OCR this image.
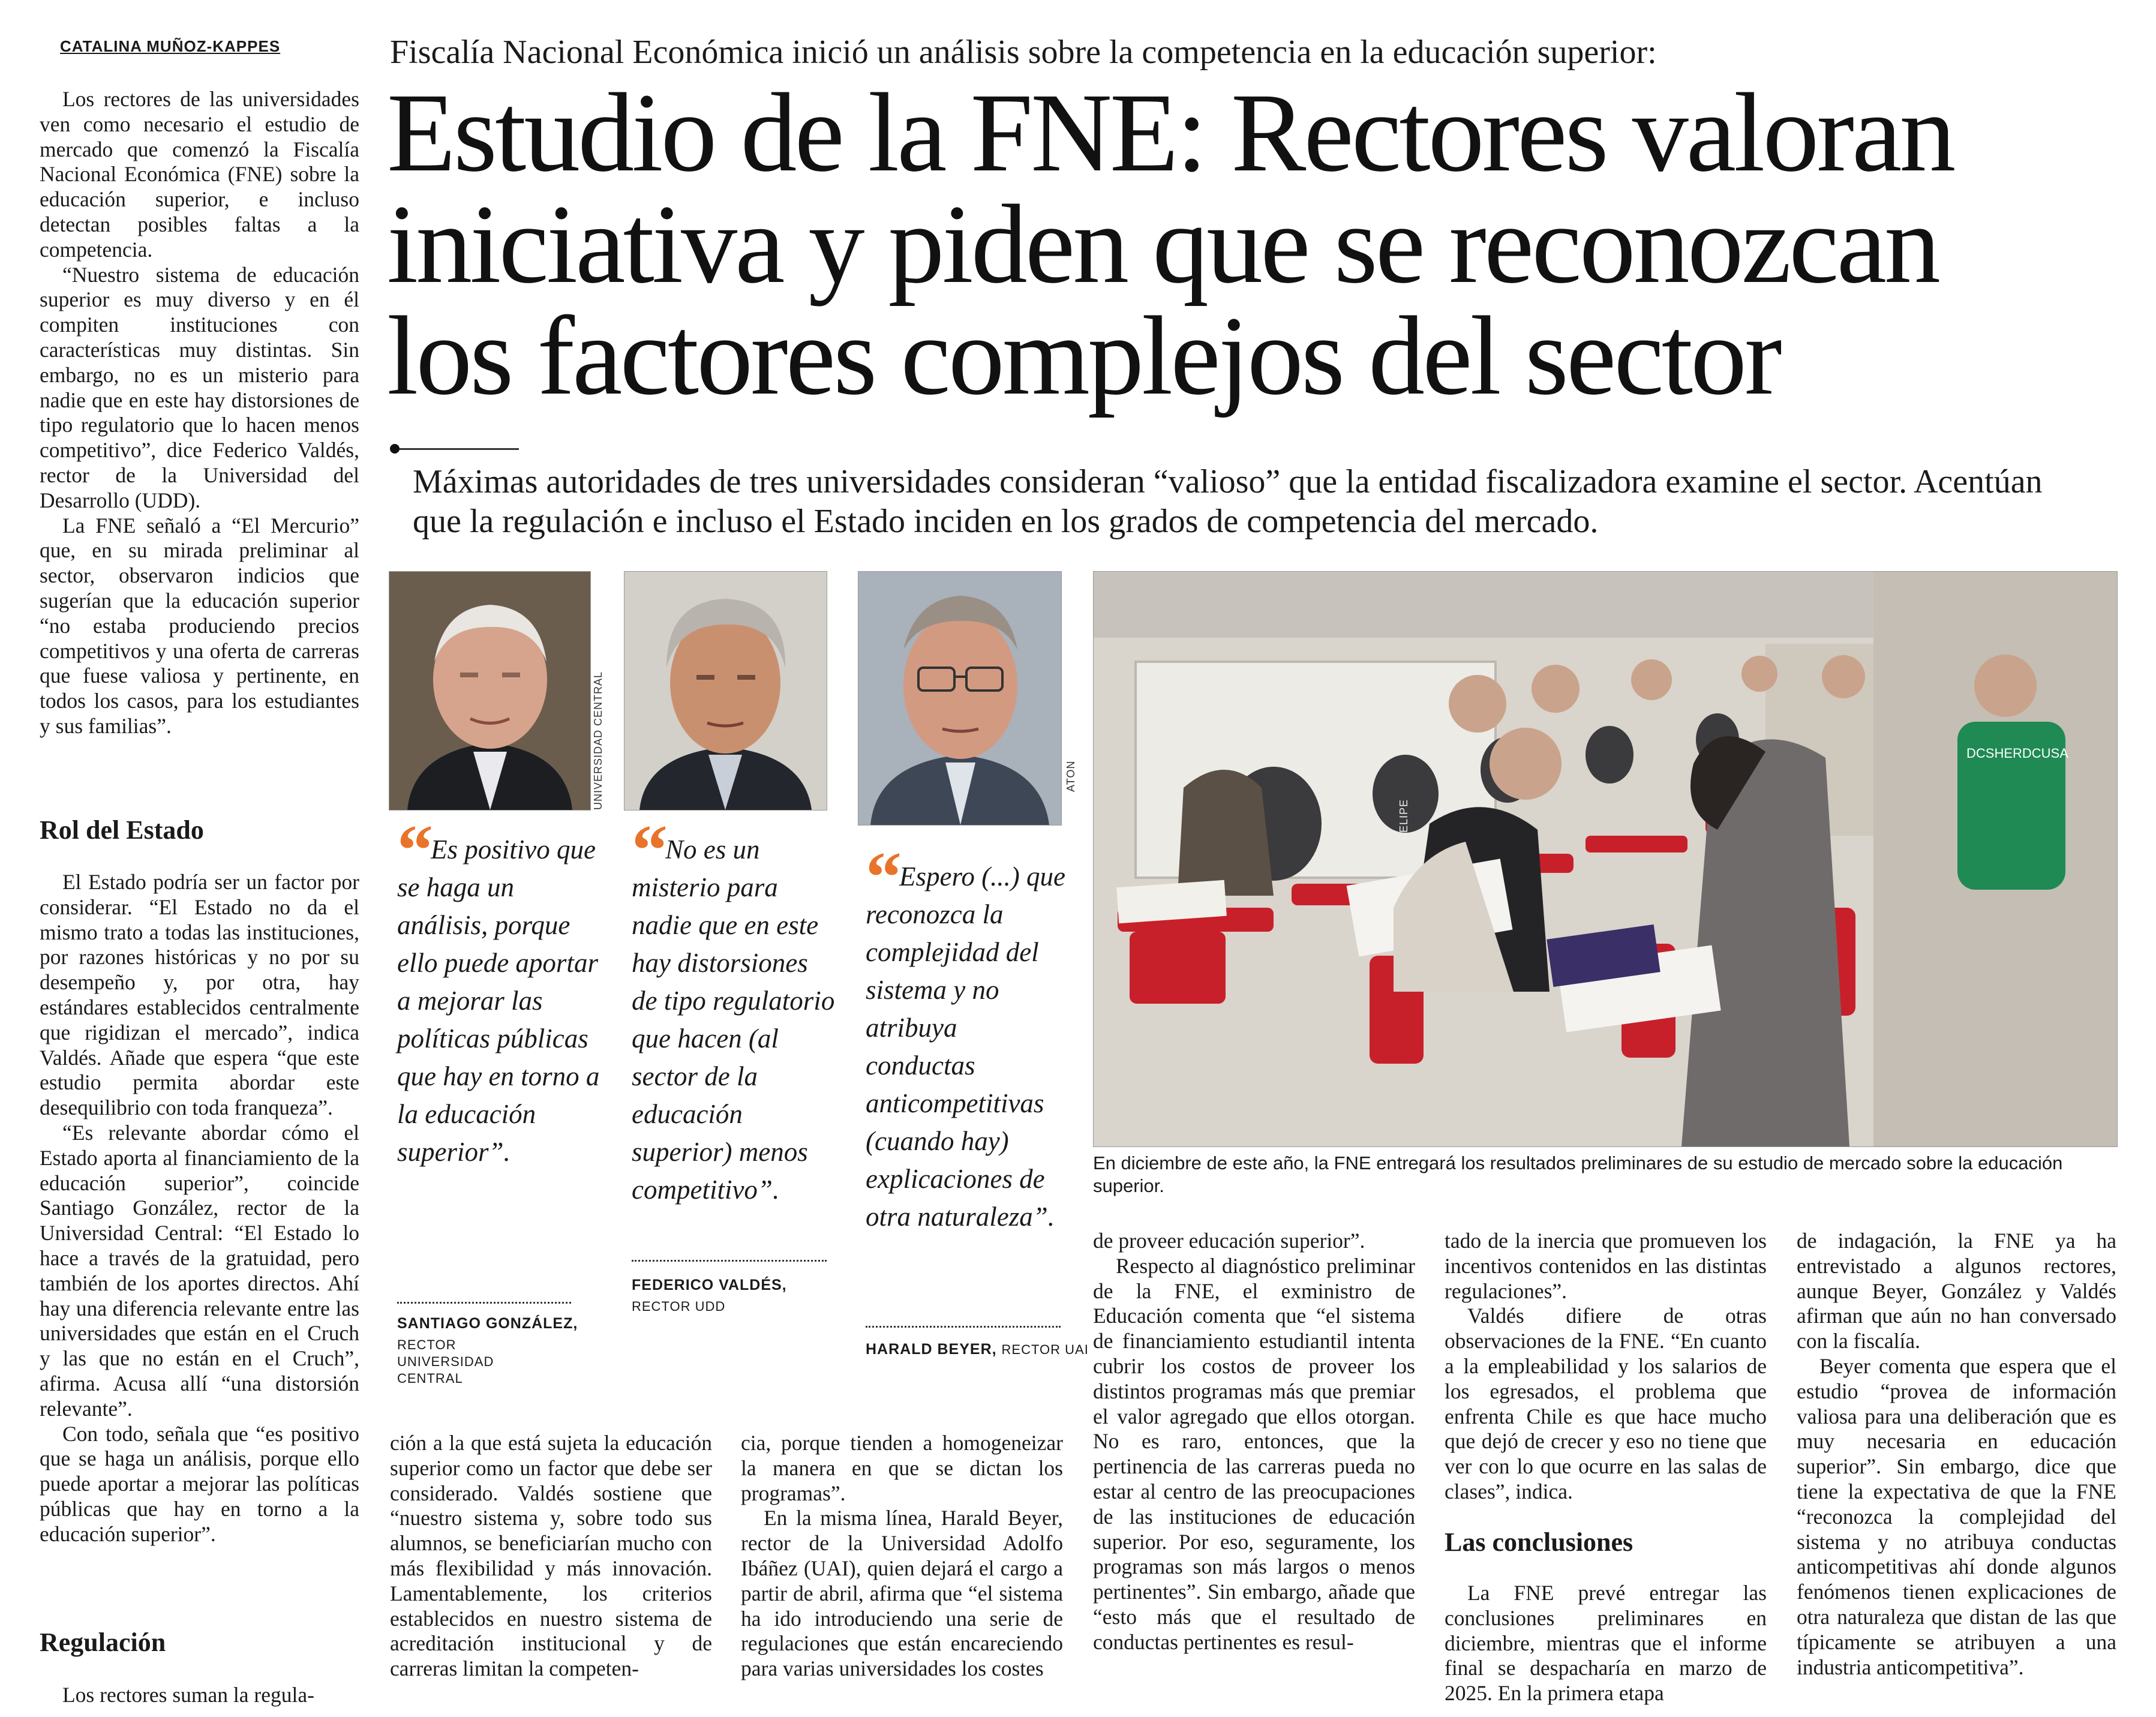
CATALINA MUÑOZ-KAPPES

Los rectores de las universidades ven como necesario el estudio de mercado que comenzó la Fiscalía Nacional Económica (FNE) sobre la educación superior, e incluso detectan posibles faltas a la competencia.

“Nuestro sistema de educación superior es muy diverso y en él compiten instituciones con características muy distintas. Sin embargo, no es un misterio para nadie que en este hay distorsiones de tipo regulatorio que lo hacen menos competitivo”, dice Federico Valdés, rector de la Universidad del Desarrollo (UDD).

La FNE señaló a “El Mercurio” que, en su mirada preliminar al sector, observaron indicios que sugerían que la educación superior “no estaba produciendo precios competitivos y una oferta de carreras que fuese valiosa y pertinente, en todos los casos, para los estudiantes y sus familias”.

Rol del Estado

El Estado podría ser un factor por considerar. “El Estado no da el mismo trato a todas las instituciones, por razones históricas y no por su desempeño y, por otra, hay estándares establecidos centralmente que rigidizan el mercado”, indica Valdés. Añade que espera “que este estudio permita abordar este desequilibrio con toda franqueza”.

“Es relevante abordar cómo el Estado aporta al financiamiento de la educación superior”, coincide Santiago González, rector de la Universidad Central: “El Estado lo hace a través de la gratuidad, pero también de los aportes directos. Ahí hay una diferencia relevante entre las universidades que están en el Cruch y las que no están en el Cruch”, afirma. Acusa allí “una distorsión relevante”.

Con todo, señala que “es positivo que se haga un análisis, porque ello puede aportar a mejorar las políticas públicas que hay en torno a la educación superior”.

Regulación

Los rectores suman la regula-

Fiscalía Nacional Económica inició un análisis sobre la competencia en la educación superior:
Estudio de la FNE: Rectores valoran
iniciativa y piden que se reconozcan
los factores complejos del sector
Máximas autoridades de tres universidades consideran “valioso” que la entidad fiscalizadora examine el sector. Acentúan que la regulación e incluso el Estado inciden en los grados de competencia del mercado.
UNIVERSIDAD CENTRAL	ATON
“ Es positivo que se haga un análisis, porque ello puede aportar a mejorar las políticas públicas que hay en torno a la educación superior”.
SANTIAGO GONZÁLEZ,
RECTOR UNIVERSIDAD CENTRAL
“ No es un misterio para nadie que en este hay distorsiones de tipo regulatorio que hacen (al sector de la educación superior) menos competitivo”.
FEDERICO VALDÉS,
RECTOR UDD
“ Espero (...) que reconozca la complejidad del sistema y no atribuya conductas anticompetitivas (cuando hay) explicaciones de otra naturaleza”.
HARALD BEYER, RECTOR UAI
DCSHERDCUSA
FELIPE
En diciembre de este año, la FNE entregará los resultados preliminares de su estudio de mercado sobre la educación superior.

ción a la que está sujeta la educación superior como un factor que debe ser considerado. Valdés sostiene que “nuestro sistema y, sobre todo sus alumnos, se beneficiarían mucho con más flexibilidad y más innovación. Lamentablemente, los criterios establecidos en nuestro sistema de acreditación institucional y de carreras limitan la competen-

cia, porque tienden a homogeneizar la manera en que se dictan los programas”.

En la misma línea, Harald Beyer, rector de la Universidad Adolfo Ibáñez (UAI), quien dejará el cargo a partir de abril, afirma que “el sistema ha ido introduciendo una serie de regulaciones que están encareciendo para varias universidades los costes

de proveer educación superior”.

Respecto al diagnóstico preliminar de la FNE, el exministro de Educación comenta que “el sistema de financiamiento estudiantil intenta cubrir los costos de proveer los distintos programas más que premiar el valor agregado que ellos otorgan. No es raro, entonces, que la pertinencia de las carreras pueda no estar al centro de las preocupaciones de las instituciones de educación superior. Por eso, seguramente, los programas son más largos o menos pertinentes”. Sin embargo, añade que “esto más que el resultado de conductas pertinentes es resul-

tado de la inercia que promueven los incentivos contenidos en las distintas regulaciones”.

Valdés difiere de otras observaciones de la FNE. “En cuanto a la empleabilidad y los salarios de los egresados, el problema que enfrenta Chile es que hace mucho que dejó de crecer y eso no tiene que ver con lo que ocurre en las salas de clases”, indica.

Las conclusiones

La FNE prevé entregar las conclusiones preliminares en diciembre, mientras que el informe final se despacharía en marzo de 2025. En la primera etapa

de indagación, la FNE ya ha entrevistado a algunos rectores, aunque Beyer, González y Valdés afirman que aún no han conversado con la fiscalía.

Beyer comenta que espera que el estudio “provea de información valiosa para una deliberación que es muy necesaria en educación superior”. Sin embargo, dice que tiene la expectativa de que la FNE “reconozca la complejidad del sistema y no atribuya conductas anticompetitivas ahí donde algunos fenómenos tienen explicaciones de otra naturaleza que distan de las que típicamente se atribuyen a una industria anticompetitiva”.
